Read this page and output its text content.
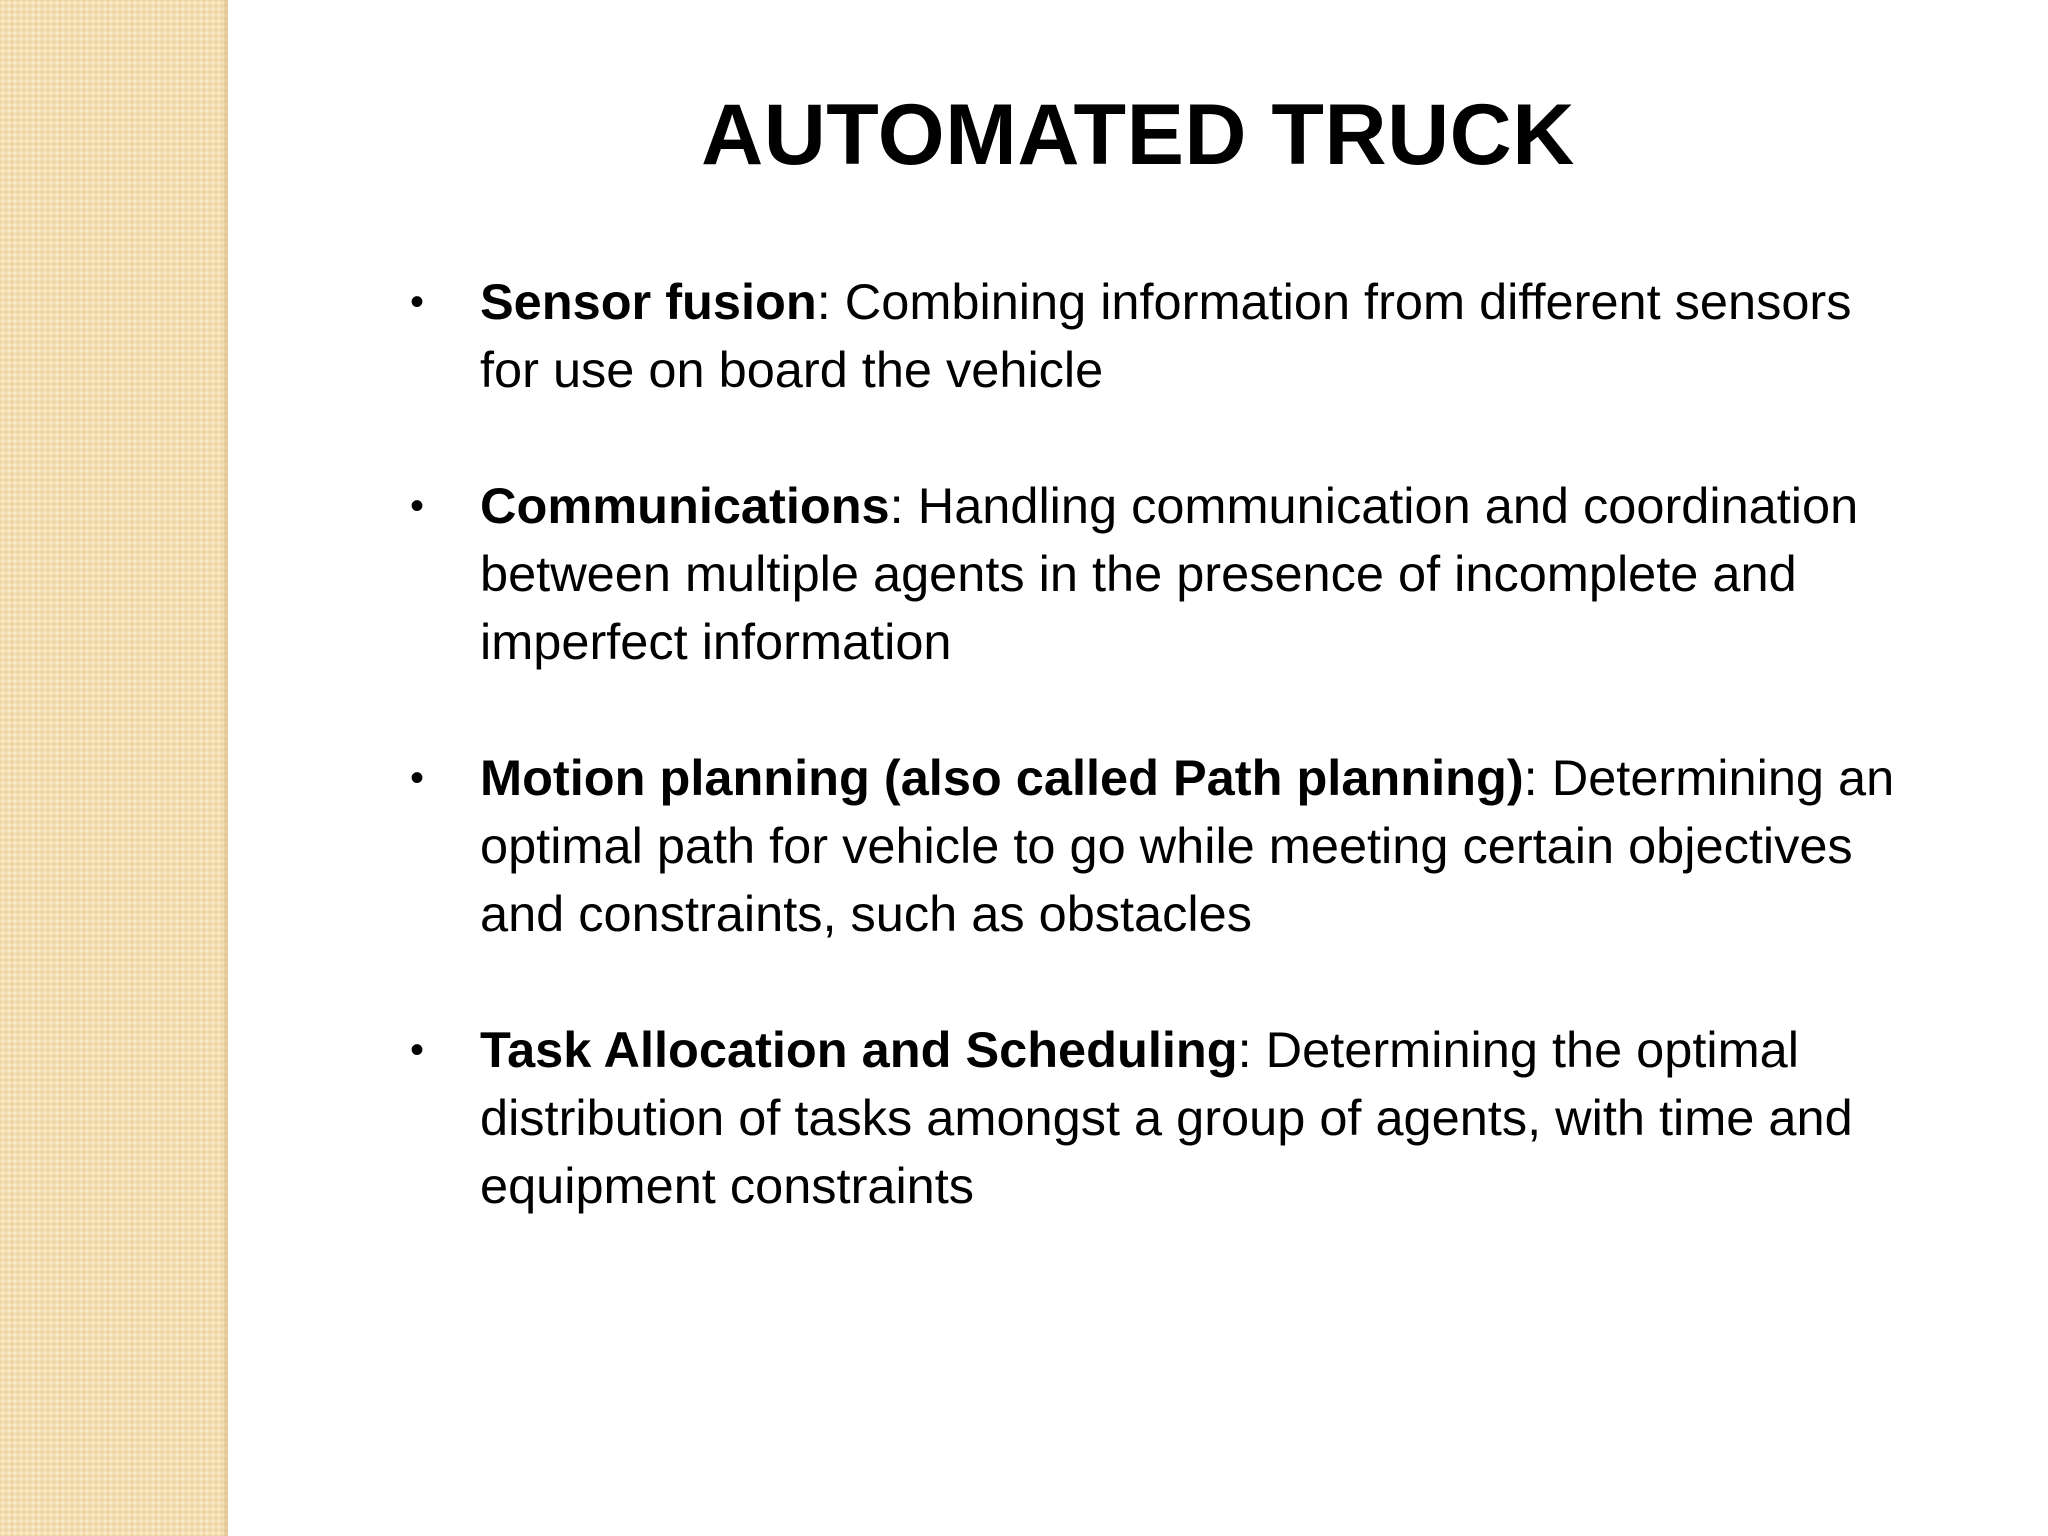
AUTOMATED TRUCK
• Sensor fusion: Combining information from different sensors for use on board the vehicle
• Communications: Handling communication and coordination between multiple agents in the presence of incomplete and imperfect information
• Motion planning (also called Path planning): Determining an optimal path for vehicle to go while meeting certain objectives and constraints, such as obstacles
• Task Allocation and Scheduling: Determining the optimal distribution of tasks amongst a group of agents, with time and equipment constraints
